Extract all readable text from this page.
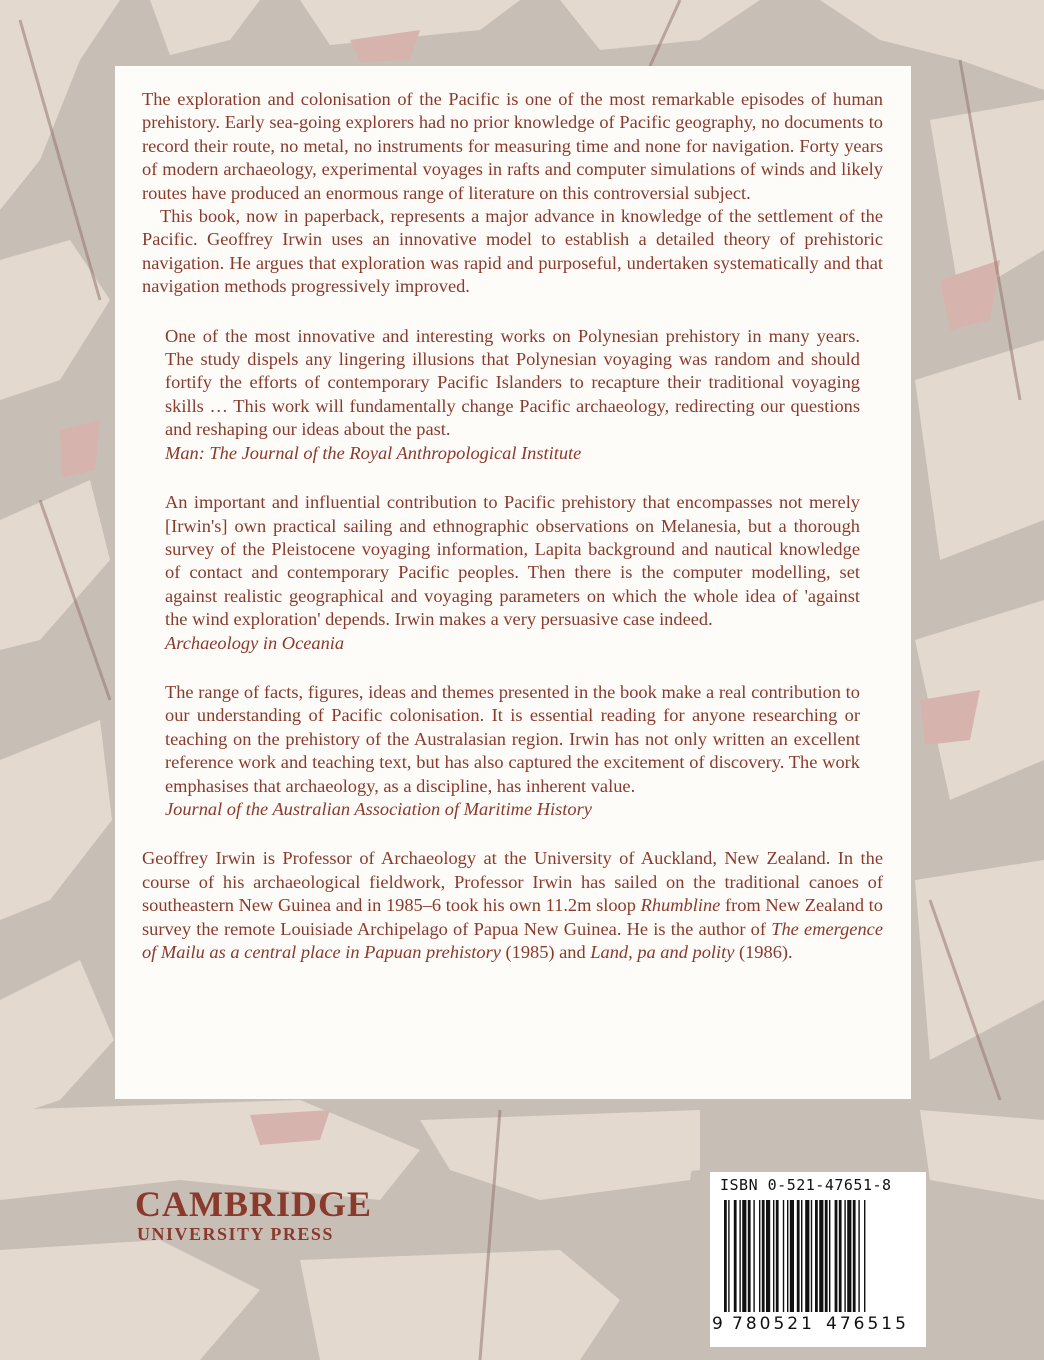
The exploration and colonisation of the Pacific is one of the most remarkable episodes of human prehistory. Early sea-going explorers had no prior knowledge of Pacific geography, no documents to record their route, no metal, no instruments for measuring time and none for navigation. Forty years of modern archaeology, experimental voyages in rafts and computer simulations of winds and likely routes have produced an enormous range of literature on this controversial subject.

This book, now in paperback, represents a major advance in knowledge of the settlement of the Pacific. Geoffrey Irwin uses an innovative model to establish a detailed theory of prehistoric navigation. He argues that exploration was rapid and purposeful, undertaken systematically and that navigation methods progressively improved.

One of the most innovative and interesting works on Polynesian prehistory in many years. The study dispels any lingering illusions that Polynesian voyaging was random and should fortify the efforts of contemporary Pacific Islanders to recapture their traditional voyaging skills … This work will fundamentally change Pacific archaeology, redirecting our questions and reshaping our ideas about the past.

Man: The Journal of the Royal Anthropological Institute

An important and influential contribution to Pacific prehistory that encompasses not merely [Irwin's] own practical sailing and ethnographic observations on Melanesia, but a thorough survey of the Pleistocene voyaging information, Lapita background and nautical knowledge of contact and contemporary Pacific peoples. Then there is the computer modelling, set against realistic geographical and voyaging parameters on which the whole idea of 'against the wind exploration' depends. Irwin makes a very persuasive case indeed.

Archaeology in Oceania

The range of facts, figures, ideas and themes presented in the book make a real contribution to our understanding of Pacific colonisation. It is essential reading for anyone researching or teaching on the prehistory of the Australasian region. Irwin has not only written an excellent reference work and teaching text, but has also captured the excitement of discovery. The work emphasises that archaeology, as a discipline, has inherent value.

Journal of the Australian Association of Maritime History

Geoffrey Irwin is Professor of Archaeology at the University of Auckland, New Zealand. In the course of his archaeological fieldwork, Professor Irwin has sailed on the traditional canoes of southeastern New Guinea and in 1985–6 took his own 11.2m sloop Rhumbline from New Zealand to survey the remote Louisiade Archipelago of Papua New Guinea. He is the author of The emergence of Mailu as a central place in Papuan prehistory (1985) and Land, pa and polity (1986).

CAMBRIDGE
UNIVERSITY PRESS
ISBN 0-521-47651-8
9 780521 476515
